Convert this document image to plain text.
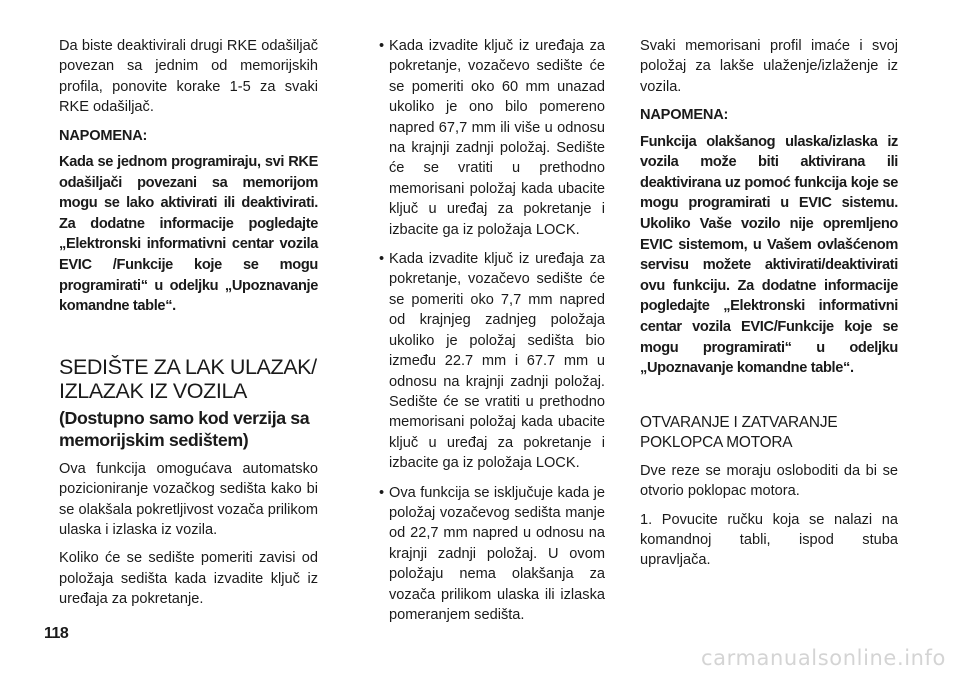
Da biste deaktivirali drugi RKE odašiljač povezan sa jednim od memorijskih profila, ponovite korake 1-5 za svaki RKE odašiljač.

NAPOMENA:

Kada se jednom programiraju, svi RKE odašiljači povezani sa memorijom mogu se lako aktivirati ili deaktivirati. Za dodatne informacije pogledajte „Elektronski informativni centar vozila EVIC /Funkcije koje se mogu programirati“ u odeljku „Upoznavanje komandne table“.

SEDIŠTE ZA LAK ULAZAK/ IZLAZAK IZ VOZILA
(Dostupno samo kod verzija sa memorijskim sedištem)

Ova funkcija omogućava automatsko pozicioniranje vozačkog sedišta kako bi se olakšala pokretljivost vozača prilikom ulaska i izlaska iz vozila.

Koliko će se sedište pomeriti zavisi od položaja sedišta kada izvadite ključ iz uređaja za pokretanje.

• Kada izvadite ključ iz uređaja za pokretanje, vozačevo sedište će se pomeriti oko 60 mm unazad ukoliko je ono bilo pomereno napred 67,7 mm ili više u odnosu na krajnji zadnji položaj. Sedište će se vratiti u prethodno memorisani položaj kada ubacite ključ u uređaj za pokretanje i izbacite ga iz položaja LOCK.
• Kada izvadite ključ iz uređaja za pokretanje, vozačevo sedište će se pomeriti oko 7,7 mm napred od krajnjeg zadnjeg položaja ukoliko je položaj sedišta bio između 22.7 mm i 67.7 mm u odnosu na krajnji zadnji položaj. Sedište će se vratiti u prethodno memorisani položaj kada ubacite ključ u uređaj za pokretanje i izbacite ga iz položaja LOCK.
• Ova funkcija se isključuje kada je položaj vozačevog sedišta manje od 22,7 mm napred u odnosu na krajnji zadnji položaj. U ovom položaju nema olakšanja za vozača prilikom ulaska ili izlaska pomeranjem sedišta.

Svaki memorisani profil imaće i svoj položaj za lakše ulaženje/izlaženje iz vozila.

NAPOMENA:

Funkcija olakšanog ulaska/izlaska iz vozila može biti aktivirana ili deaktivirana uz pomoć funkcija koje se mogu programirati u EVIC sistemu. Ukoliko Vaše vozilo nije opremljeno EVIC sistemom, u Vašem ovlašćenom servisu možete aktivirati/deaktivirati ovu funkciju. Za dodatne informacije pogledajte „Elektronski informativni centar vozila EVIC/Funkcije koje se mogu programirati“ u odeljku „Upoznavanje komandne table“.

OTVARANJE I ZATVARANJE POKLOPCA MOTORA

Dve reze se moraju osloboditi da bi se otvorio poklopac motora.

1. Povucite ručku koja se nalazi na komandnoj tabli, ispod stuba upravljača.

118
carmanualsonline.info
